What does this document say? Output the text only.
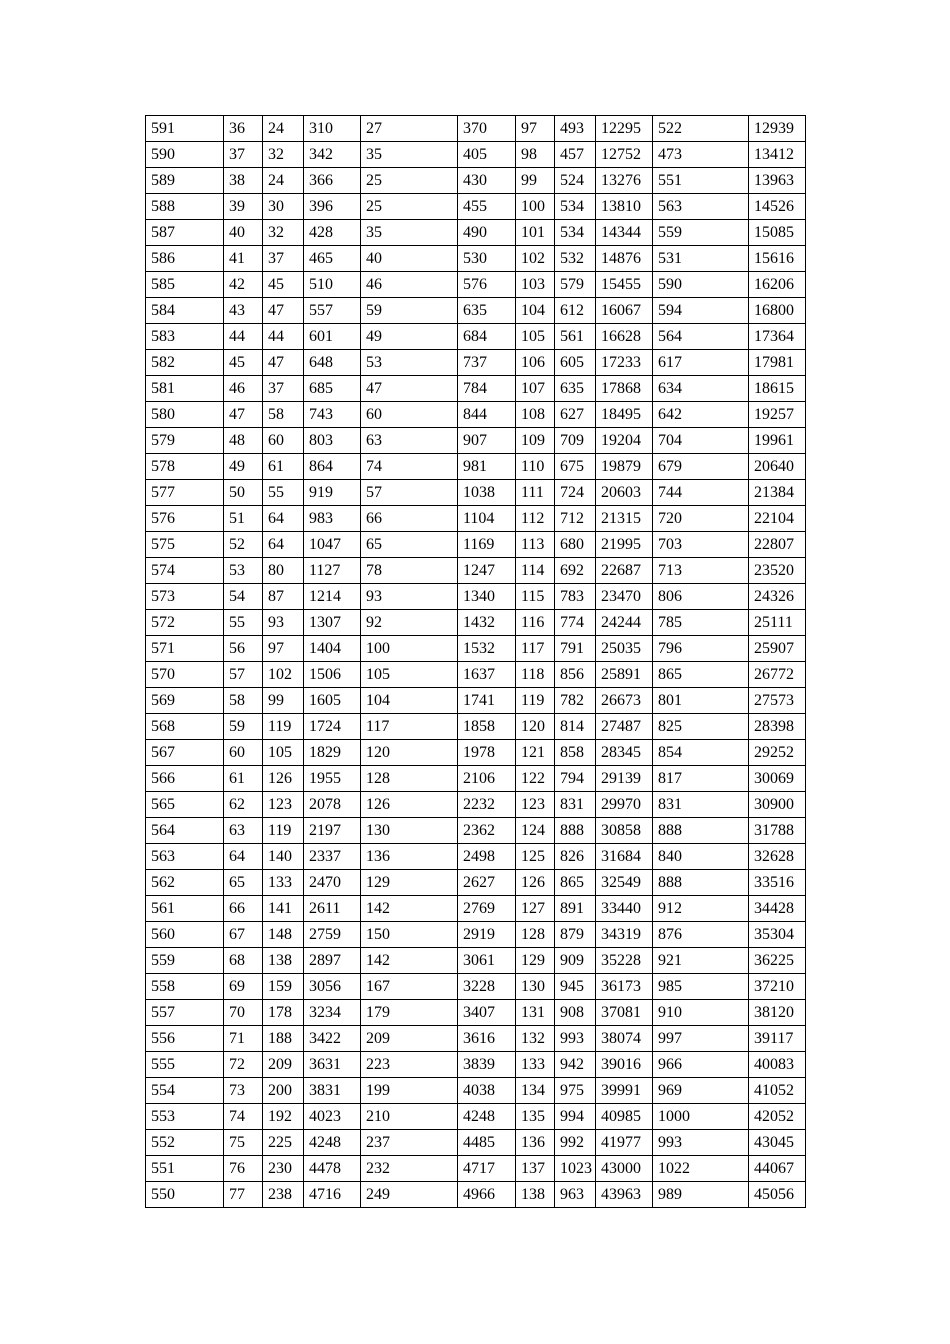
591	36	24	310	27	370	97	493	12295	522	12939
590	37	32	342	35	405	98	457	12752	473	13412
589	38	24	366	25	430	99	524	13276	551	13963
588	39	30	396	25	455	100	534	13810	563	14526
587	40	32	428	35	490	101	534	14344	559	15085
586	41	37	465	40	530	102	532	14876	531	15616
585	42	45	510	46	576	103	579	15455	590	16206
584	43	47	557	59	635	104	612	16067	594	16800
583	44	44	601	49	684	105	561	16628	564	17364
582	45	47	648	53	737	106	605	17233	617	17981
581	46	37	685	47	784	107	635	17868	634	18615
580	47	58	743	60	844	108	627	18495	642	19257
579	48	60	803	63	907	109	709	19204	704	19961
578	49	61	864	74	981	110	675	19879	679	20640
577	50	55	919	57	1038	111	724	20603	744	21384
576	51	64	983	66	1104	112	712	21315	720	22104
575	52	64	1047	65	1169	113	680	21995	703	22807
574	53	80	1127	78	1247	114	692	22687	713	23520
573	54	87	1214	93	1340	115	783	23470	806	24326
572	55	93	1307	92	1432	116	774	24244	785	25111
571	56	97	1404	100	1532	117	791	25035	796	25907
570	57	102	1506	105	1637	118	856	25891	865	26772
569	58	99	1605	104	1741	119	782	26673	801	27573
568	59	119	1724	117	1858	120	814	27487	825	28398
567	60	105	1829	120	1978	121	858	28345	854	29252
566	61	126	1955	128	2106	122	794	29139	817	30069
565	62	123	2078	126	2232	123	831	29970	831	30900
564	63	119	2197	130	2362	124	888	30858	888	31788
563	64	140	2337	136	2498	125	826	31684	840	32628
562	65	133	2470	129	2627	126	865	32549	888	33516
561	66	141	2611	142	2769	127	891	33440	912	34428
560	67	148	2759	150	2919	128	879	34319	876	35304
559	68	138	2897	142	3061	129	909	35228	921	36225
558	69	159	3056	167	3228	130	945	36173	985	37210
557	70	178	3234	179	3407	131	908	37081	910	38120
556	71	188	3422	209	3616	132	993	38074	997	39117
555	72	209	3631	223	3839	133	942	39016	966	40083
554	73	200	3831	199	4038	134	975	39991	969	41052
553	74	192	4023	210	4248	135	994	40985	1000	42052
552	75	225	4248	237	4485	136	992	41977	993	43045
551	76	230	4478	232	4717	137	1023	43000	1022	44067
550	77	238	4716	249	4966	138	963	43963	989	45056
